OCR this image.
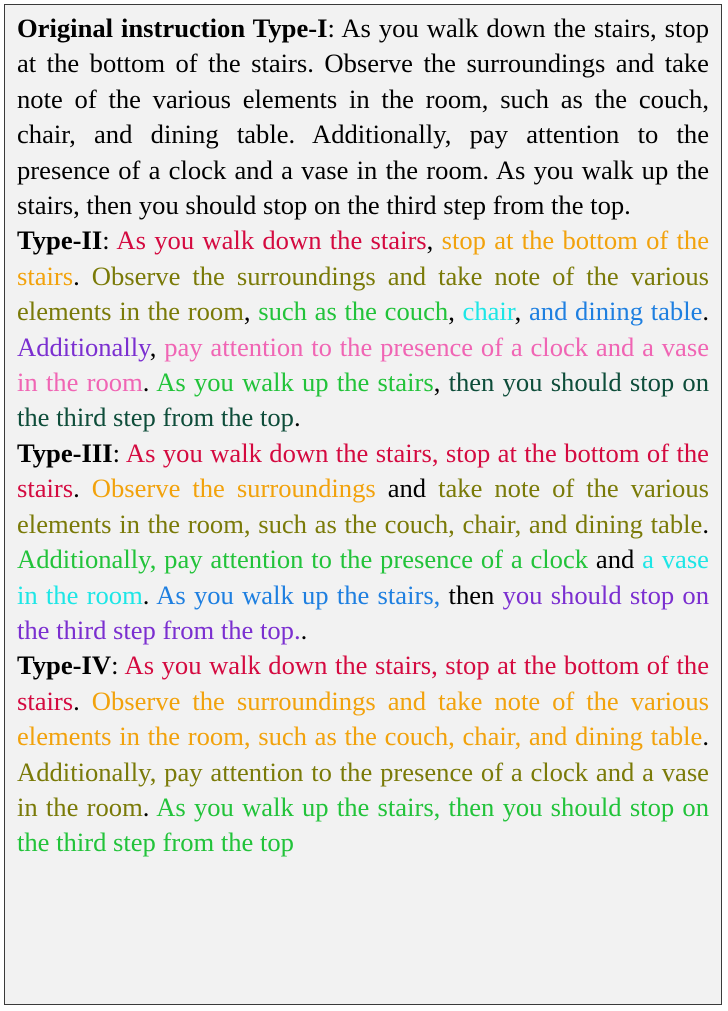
Original instruction Type-I: As you walk down the stairs, stop at the bottom of the stairs. Observe the surroundings and take note of the various elements in the room, such as the couch, chair, and dining table. Additionally, pay attention to the presence of a clock and a vase in the room. As you walk up the stairs, then you should stop on the third step from the top.

Type-II: As you walk down the stairs, stop at the bottom of the stairs. Observe the surroundings and take note of the various elements in the room, such as the couch, chair, and dining table. Additionally, pay attention to the presence of a clock and a vase in the room. As you walk up the stairs, then you should stop on the third step from the top.

Type-III: As you walk down the stairs, stop at the bottom of the stairs. Observe the surroundings and take note of the various elements in the room, such as the couch, chair, and dining table. Additionally, pay attention to the presence of a clock and a vase in the room. As you walk up the stairs, then you should stop on the third step from the top..

Type-IV: As you walk down the stairs, stop at the bottom of the stairs. Observe the surroundings and take note of the various elements in the room, such as the couch, chair, and dining table. Additionally, pay attention to the presence of a clock and a vase in the room. As you walk up the stairs, then you should stop on the third step from the top
